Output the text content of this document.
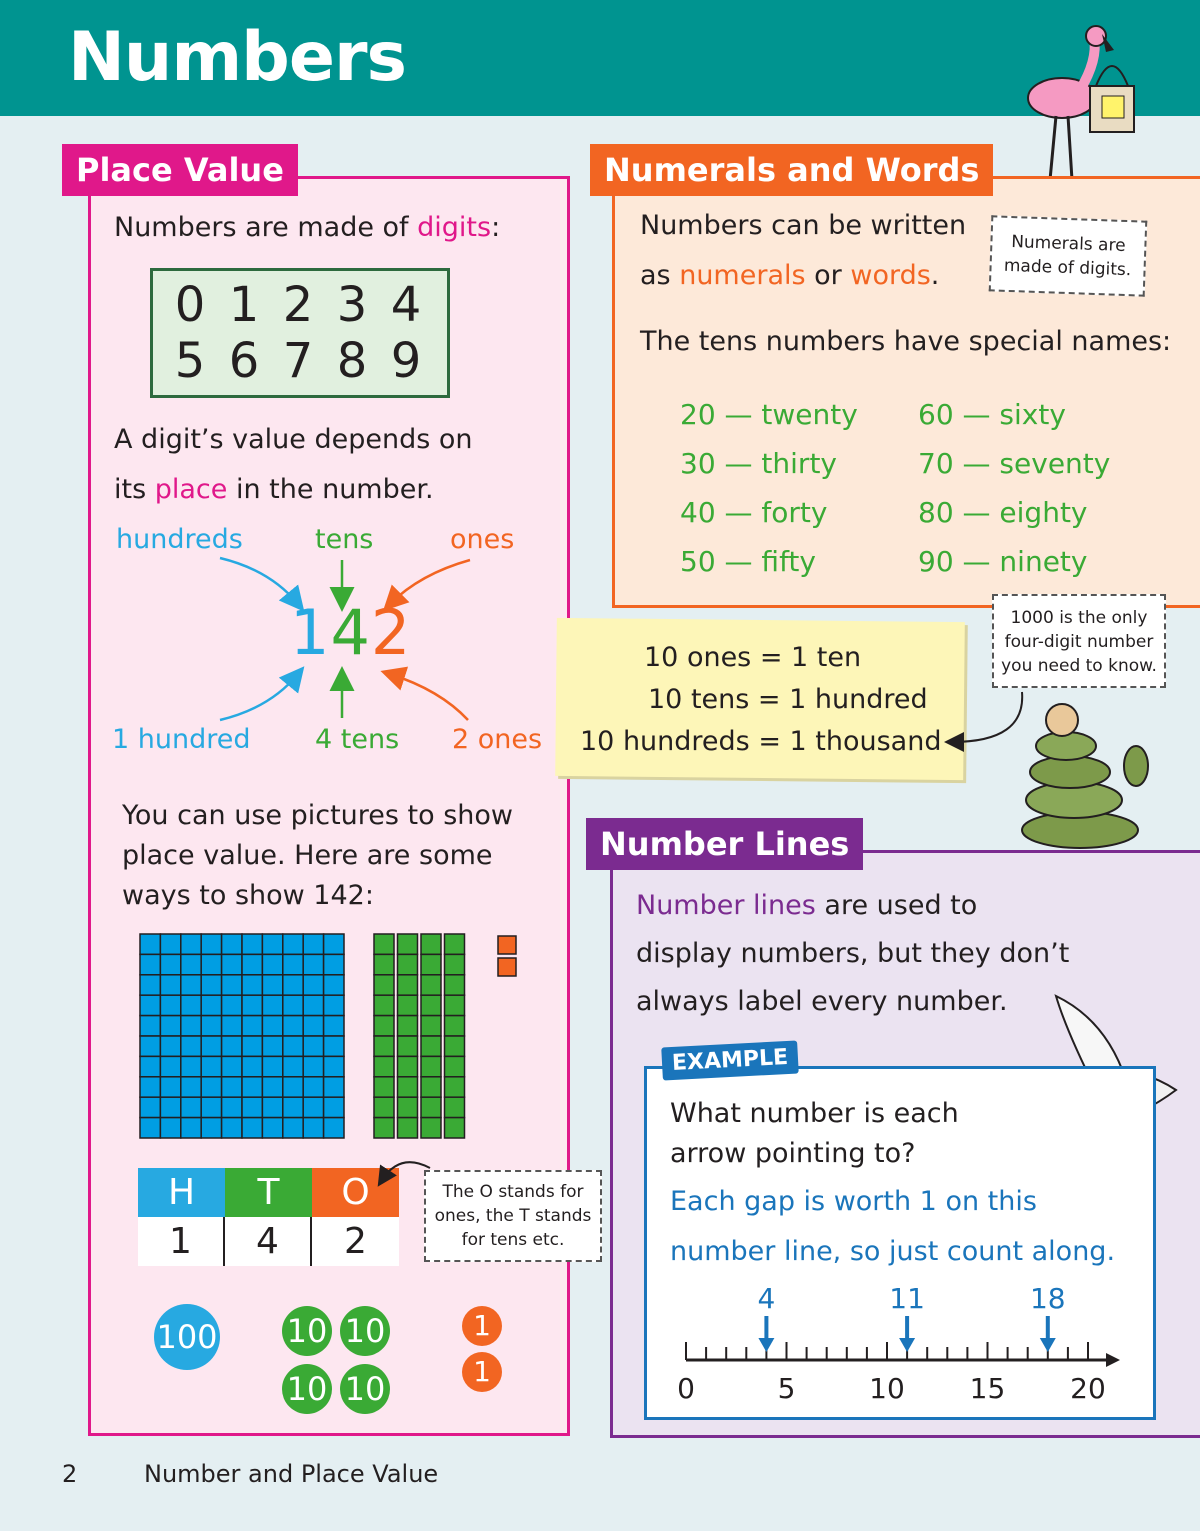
Numbers
Place Value
Numbers are made of digits:
0 1 2 3 4
5 6 7 8 9
A digit’s value depends on
its place in the number.
hundreds	tens	ones
142
1 hundred 4 tens 2 ones
You can use pictures to show
place value. Here are some
ways to show 142:
H	T	O
1	4	2
The O stands for
ones, the T stands
for tens etc.
100 10 10
10 10
1
1
Numerals and Words
Numbers can be written
as numerals or words.
Numerals are
made of digits.
The tens numbers have special names:
20 — twenty
30 — thirty
40 — forty
50 — fifty
60 — sixty
70 — seventy
80 — eighty
90 — ninety
10 ones = 1 ten
10 tens = 1 hundred
10 hundreds = 1 thousand
1000 is the only
four-digit number
you need to know.
Number Lines
Number lines are used to
display numbers, but they don’t
always label every number.
EXAMPLE
What number is each
arrow pointing to?
Each gap is worth 1 on this
number line, so just count along.
0	5	10 15 20
4	11	18
2	Number and Place Value
